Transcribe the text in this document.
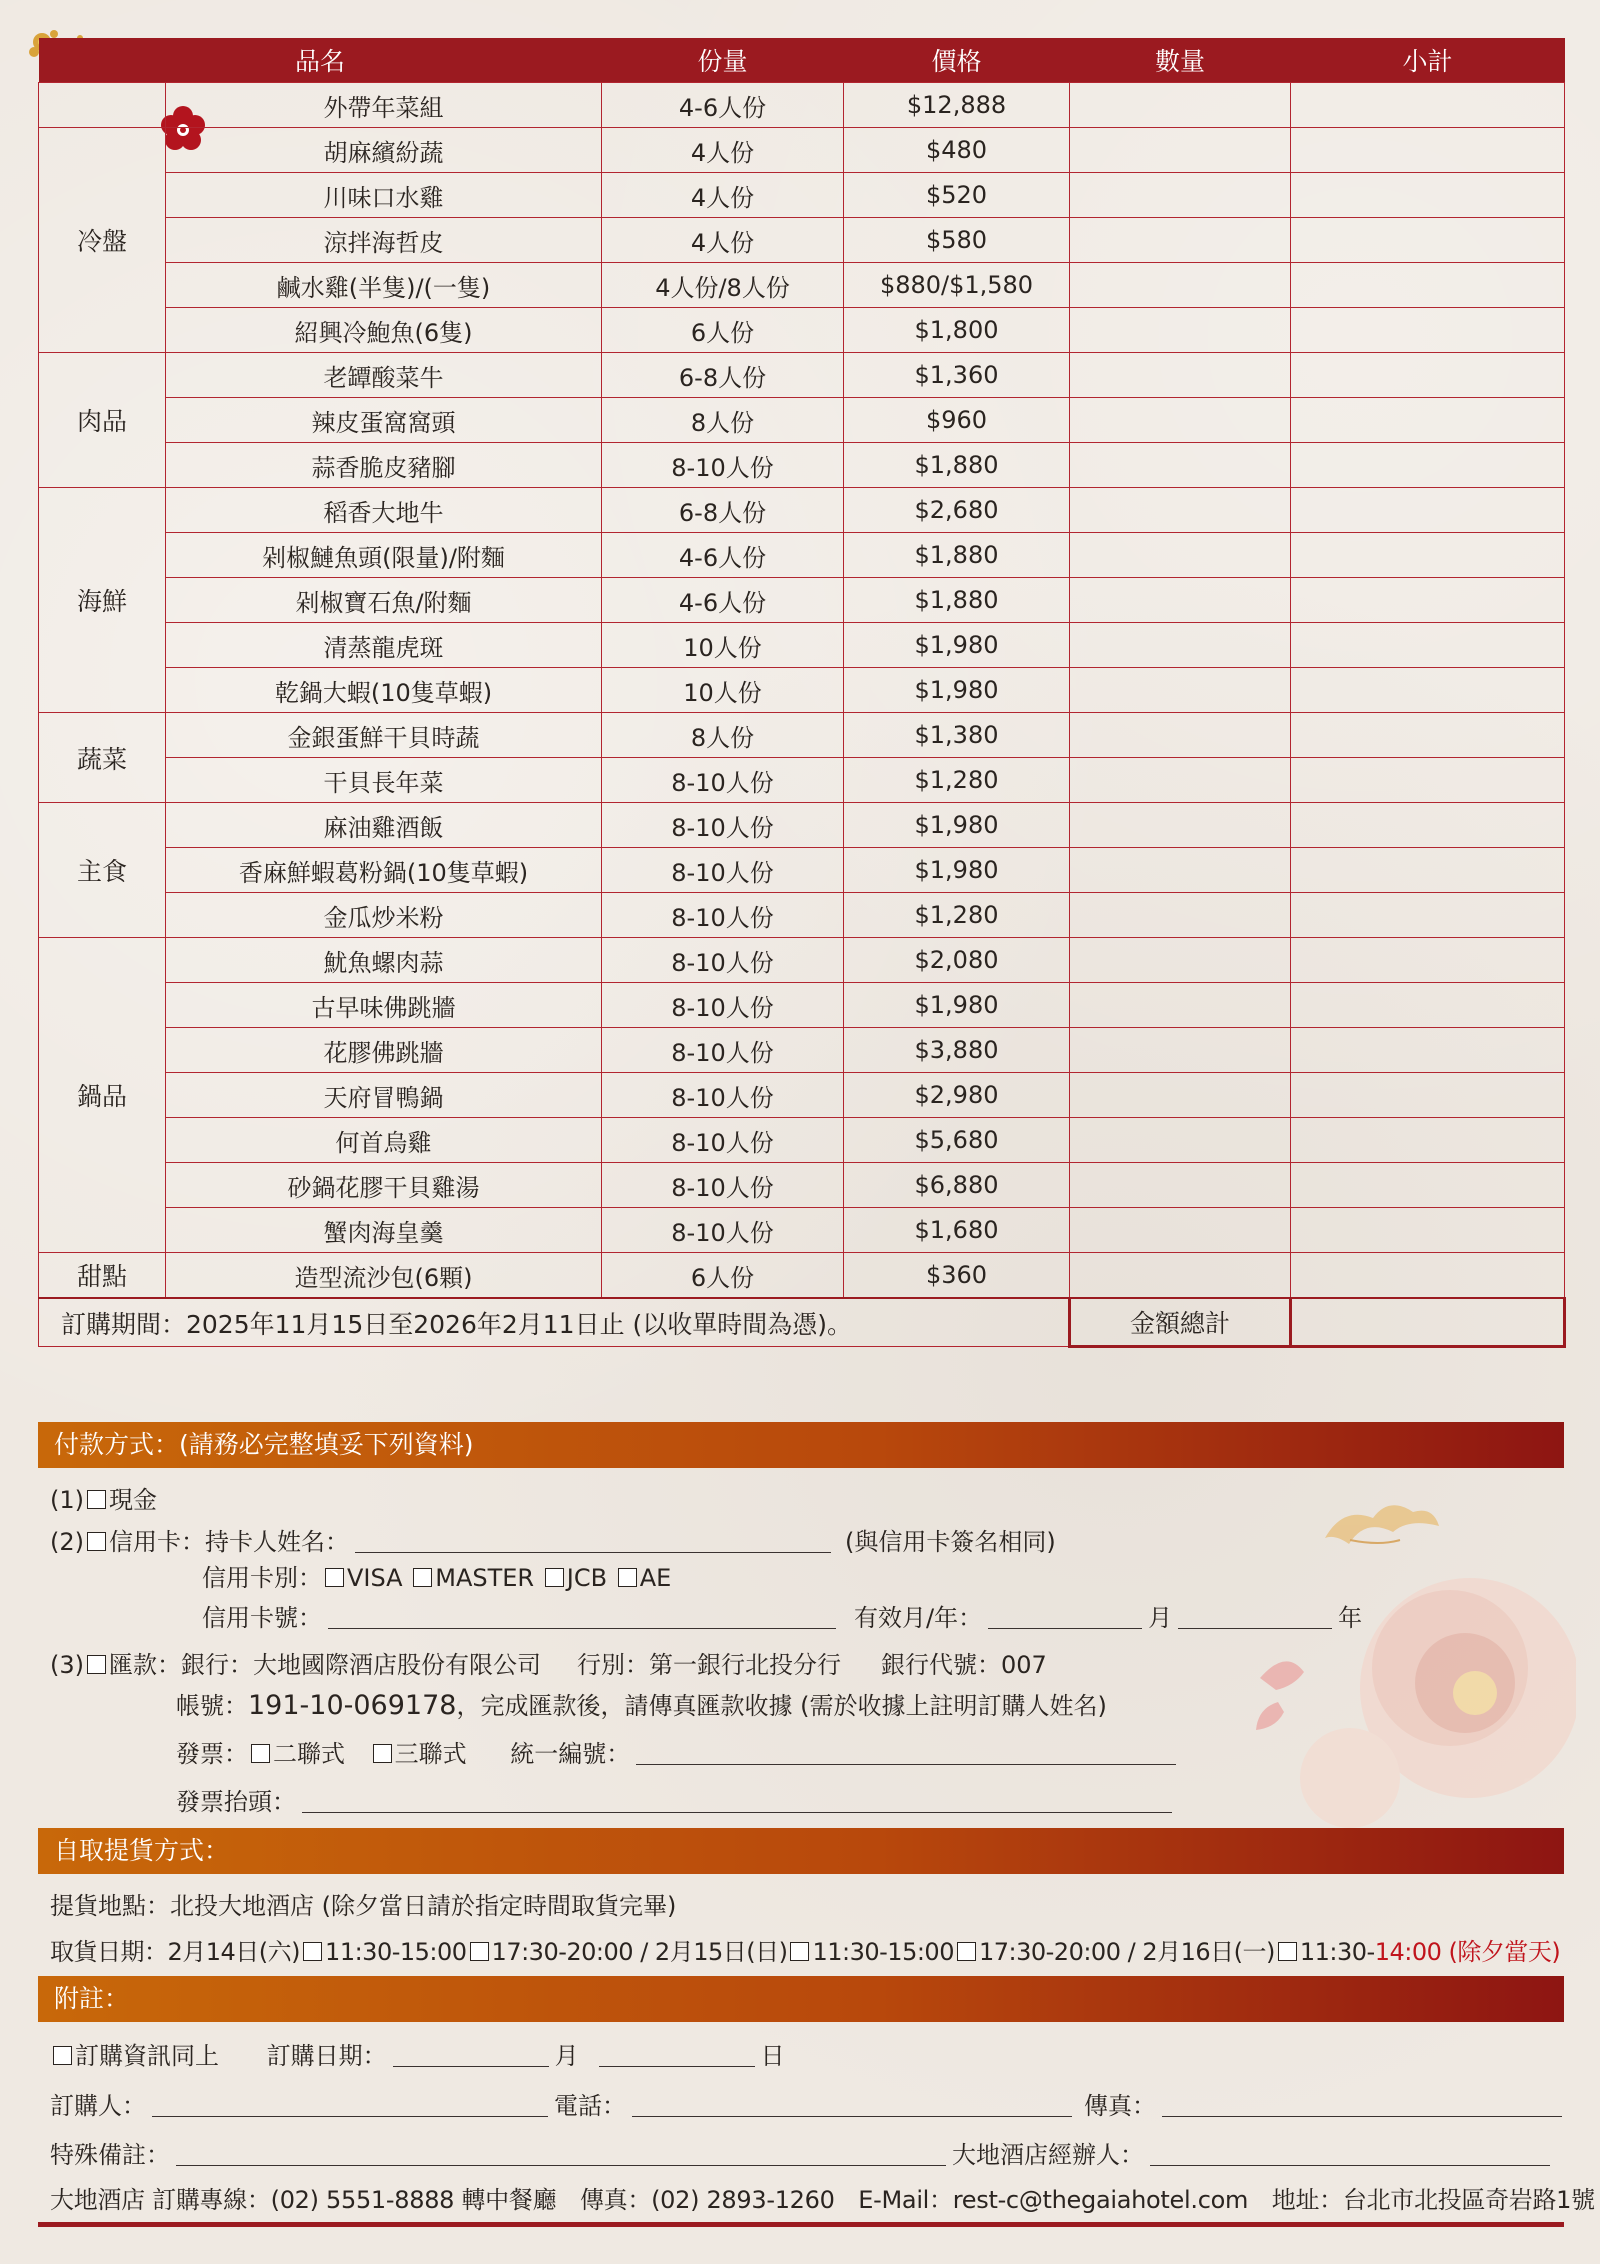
品名		份量	價格	數量	小計
	外帶年菜組	4-6人份	$12,888		
冷盤	胡麻繽紛蔬	4人份	$480		
	川味口水雞	4人份	$520		
	涼拌海哲皮	4人份	$580		
	鹹水雞(半隻)/(一隻)	4人份/8人份	$880/$1,580		
	紹興冷鮑魚(6隻)	6人份	$1,800		
肉品	老罈酸菜牛	6-8人份	$1,360		
	辣皮蛋窩窩頭	8人份	$960		
	蒜香脆皮豬腳	8-10人份	$1,880		
海鮮	稻香大地牛	6-8人份	$2,680		
	剁椒鰱魚頭(限量)/附麵	4-6人份	$1,880		
	剁椒寶石魚/附麵	4-6人份	$1,880		
	清蒸龍虎斑	10人份	$1,980		
	乾鍋大蝦(10隻草蝦)	10人份	$1,980		
蔬菜	金銀蛋鮮干貝時蔬	8人份	$1,380		
	干貝長年菜	8-10人份	$1,280		
主食	麻油雞酒飯	8-10人份	$1,980		
	香麻鮮蝦葛粉鍋(10隻草蝦)	8-10人份	$1,980		
	金瓜炒米粉	8-10人份	$1,280		
鍋品	魷魚螺肉蒜	8-10人份	$2,080		
	古早味佛跳牆	8-10人份	$1,980		
	花膠佛跳牆	8-10人份	$3,880		
	天府冒鴨鍋	8-10人份	$2,980		
	何首烏雞	8-10人份	$5,680		
	砂鍋花膠干貝雞湯	8-10人份	$6,880		
	蟹肉海皇羹	8-10人份	$1,680		
甜點	造型流沙包(6顆)	6人份	$360		
訂購期間：2025年11月15日至2026年2月11日止 (以收單時間為憑)。				金額總計	
付款方式：(請務必完整填妥下列資料)
(1) 現金
(2) 信用卡：持卡人姓名：	(與信用卡簽名相同)
信用卡別： VISA MASTER JCB AE
信用卡號：	有效月/年：	月	年
(3) 匯款：銀行：大地國際酒店股份有限公司 行別：第一銀行北投分行 銀行代號：007
帳號：191-10-069178，完成匯款後，請傳真匯款收據 (需於收據上註明訂購人姓名)
發票： 二聯式 三聯式 統一編號：
發票抬頭：
自取提貨方式：
提貨地點：北投大地酒店 (除夕當日請於指定時間取貨完畢)
取貨日期：2月14日(六) 11:30-15:00 17:30-20:00 / 2月15日(日) 11:30-15:00 17:30-20:00 / 2月16日(一) 11:30-14:00 (除夕當天)
附註：
訂購資訊同上 訂購日期：	月	日
訂購人：	電話：	傳真：
特殊備註：	大地酒店經辦人：
大地酒店 訂購專線：(02) 5551-8888 轉中餐廳　傳真：(02) 2893-1260　E-Mail：rest-c@thegaiahotel.com　地址：台北市北投區奇岩路1號
